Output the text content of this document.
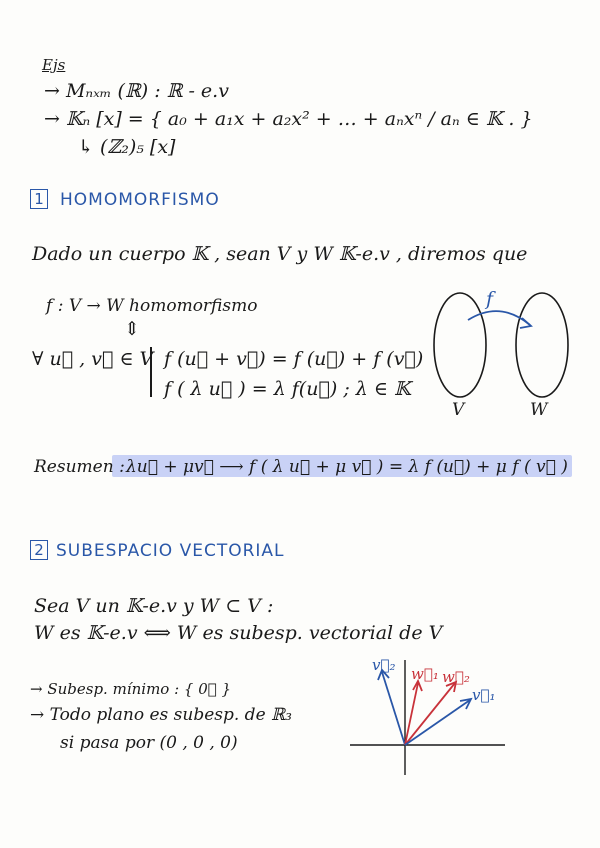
Ejs
→ Mₙₓₘ (ℝ) : ℝ - e.v
→ 𝕂ₙ [x] = { a₀ + a₁x + a₂x² + … + aₙxⁿ / aₙ ∈ 𝕂 . }
↳ (ℤ₂)₅ [x]
1 HOMOMORFISMO
Dado un cuerpo 𝕂 , sean V y W 𝕂-e.v , diremos que
f : V → W homomorfismo
⇕
∀ u⃗ , v⃗ ∈ V f (u⃗ + v⃗) = f (u⃗) + f (v⃗)
f ( λ u⃗ ) = λ f(u⃗) ; λ ∈ 𝕂
f
V	W
Resumen : λu⃗ + μv⃗ ⟶ f ( λ u⃗ + μ v⃗ ) = λ f (u⃗) + μ f ( v⃗ )
2 SUBESPACIO VECTORIAL
Sea V un 𝕂-e.v y W ⊂ V :
W es 𝕂-e.v ⟺ W es subesp. vectorial de V
→ Subesp. mínimo : { 0⃗ }
→ Todo plano es subesp. de ℝ₃
si pasa por (0 , 0 , 0)
v⃗₂ w⃗₁ w⃗₂
v⃗₁
